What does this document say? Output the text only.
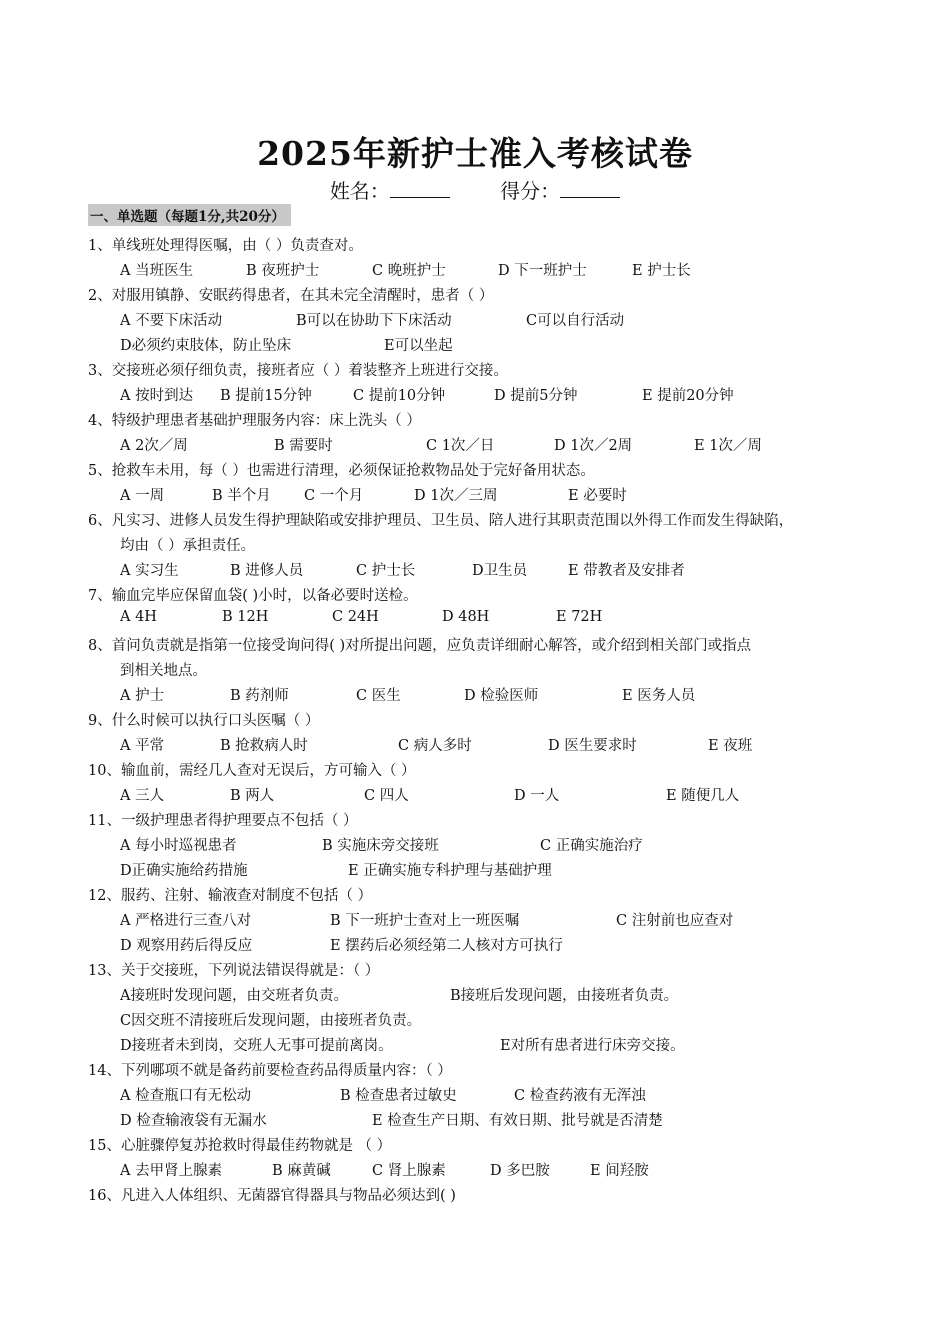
2025年新护士准入考核试卷
姓名：	得分：
一、单选题（每题1分,共20分）
1、单线班处理得医嘱，由（ ）负责查对。
A 当班医生	B 夜班护士	C 晚班护士	D 下一班护士	E 护士长
2、对服用镇静、安眠药得患者，在其未完全清醒时，患者（ ）
A 不要下床活动	B可以在协助下下床活动	C可以自行活动
D必须约束肢体，防止坠床	E可以坐起
3、交接班必须仔细负责，接班者应（ ）着装整齐上班进行交接。
A 按时到达 B 提前15分钟	C 提前10分钟	D 提前5分钟	E 提前20分钟
4、特级护理患者基础护理服务内容：床上洗头（ ）
A 2次／周	B 需要时	C 1次／日	D 1次／2周	E 1次／周
5、抢救车未用，每（ ）也需进行清理，必须保证抢救物品处于完好备用状态。
A 一周	B 半个月 C 一个月	D 1次／三周	E 必要时
6、凡实习、进修人员发生得护理缺陷或安排护理员、卫生员、陪人进行其职责范围以外得工作而发生得缺陷，
均由（ ）承担责任。
A 实习生	B 进修人员	C 护士长	D卫生员	E 带教者及安排者
7、输血完毕应保留血袋( )小时，以备必要时送检。
A 4H	B 12H	C 24H	D 48H	E 72H
8、首问负责就是指第一位接受询问得( )对所提出问题，应负责详细耐心解答，或介绍到相关部门或指点
到相关地点。
A 护士	B 药剂师	C 医生	D 检验医师	E 医务人员
9、什么时候可以执行口头医嘱（ ）
A 平常	B 抢救病人时	C 病人多时	D 医生要求时	E 夜班
10、输血前，需经几人查对无误后，方可输入（ ）
A 三人	B 两人	C 四人	D 一人	E 随便几人
11、一级护理患者得护理要点不包括（ ）
A 每小时巡视患者	B 实施床旁交接班	C 正确实施治疗
D正确实施给药措施	E 正确实施专科护理与基础护理
12、服药、注射、输液查对制度不包括（ ）
A 严格进行三查八对	B 下一班护士查对上一班医嘱	C 注射前也应查对
D 观察用药后得反应	E 摆药后必须经第二人核对方可执行
13、关于交接班，下列说法错误得就是：（ ）
A接班时发现问题，由交班者负责。	B接班后发现问题，由接班者负责。
C因交班不清接班后发现问题，由接班者负责。
D接班者未到岗，交班人无事可提前离岗。	E对所有患者进行床旁交接。
14、下列哪项不就是备药前要检查药品得质量内容：（ ）
A 检查瓶口有无松动	B 检查患者过敏史	C 检查药液有无浑浊
D 检查输液袋有无漏水	E 检查生产日期、有效日期、批号就是否清楚
15、心脏骤停复苏抢救时得最佳药物就是 （ ）
A 去甲肾上腺素	B 麻黄碱	C 肾上腺素	D 多巴胺	E 间羟胺
16、凡进入人体组织、无菌器官得器具与物品必须达到( )
